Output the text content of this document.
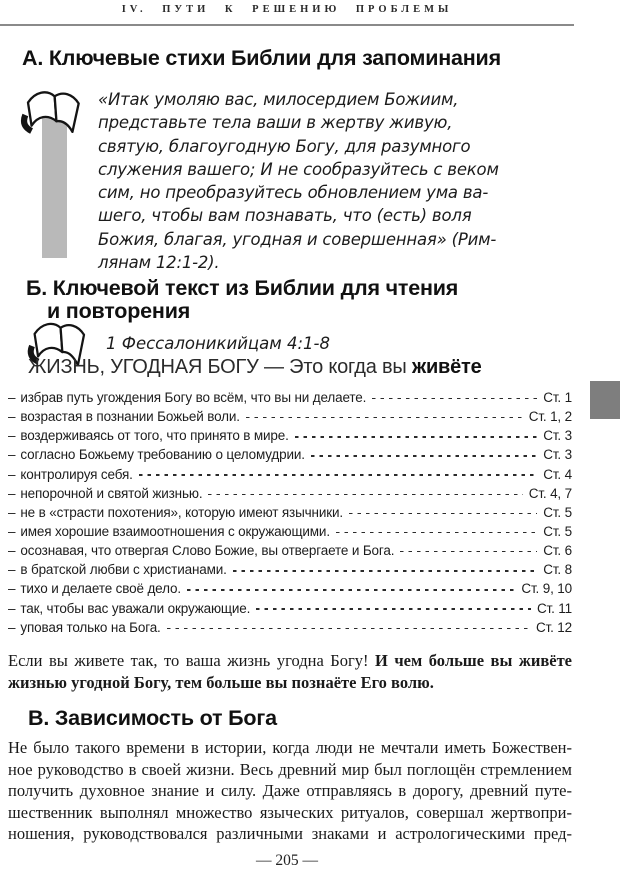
IV. ПУТИ К РЕШЕНИЮ ПРОБЛЕМЫ
А. Ключевые стихи Библии для запоминания
«Итак умоляю вас, милосердием Божиим,
представьте тела ваши в жертву живую,
святую, благоугодную Богу, для разумного
служения вашего; И не сообразуйтесь с веком
сим, но преобразуйтесь обновлением ума ва-
шего, чтобы вам познавать, что (есть) воля
Божия, благая, угодная и совершенная» (Рим-
лянам 12:1-2).
Б. Ключевой текст из Библии для чтения
и повторения
1 Фессалоникийцам 4:1-8
ЖИЗНЬ, УГОДНАЯ БОГУ — Это когда вы живёте
– избрав путь угождения Богу во всём, что вы ни делаете.	Ст. 1
– возрастая в познании Божьей воли.	Ст. 1, 2
– воздерживаясь от того, что принято в мире.	Ст. 3
– согласно Божьему требованию о целомудрии.	Ст. 3
– контролируя себя.	Ст. 4
– непорочной и святой жизнью.	Ст. 4, 7
– не в «страсти похотения», которую имеют язычники.	Ст. 5
– имея хорошие взаимоотношения с окружающими.	Ст. 5
– осознавая, что отвергая Слово Божие, вы отвергаете и Бога.	Ст. 6
– в братской любви с христианами.	Ст. 8
– тихо и делаете своё дело.	Ст. 9, 10
– так, чтобы вас уважали окружающие.	Ст. 11
– уповая только на Бога.	Ст. 12
Если вы живете так, то ваша жизнь угодна Богу! И чем больше вы живёте
жизнью угодной Богу, тем больше вы познаёте Его волю.
В. Зависимость от Бога
Не было такого времени в истории, когда люди не мечтали иметь Божествен-
ное руководство в своей жизни. Весь древний мир был поглощён стремлением
получить духовное знание и силу. Даже отправляясь в дорогу, древний путе-
шественник выполнял множество языческих ритуалов, совершал жертвопри-
ношения, руководствовался различными знаками и астрологическими пред-
— 205 —
